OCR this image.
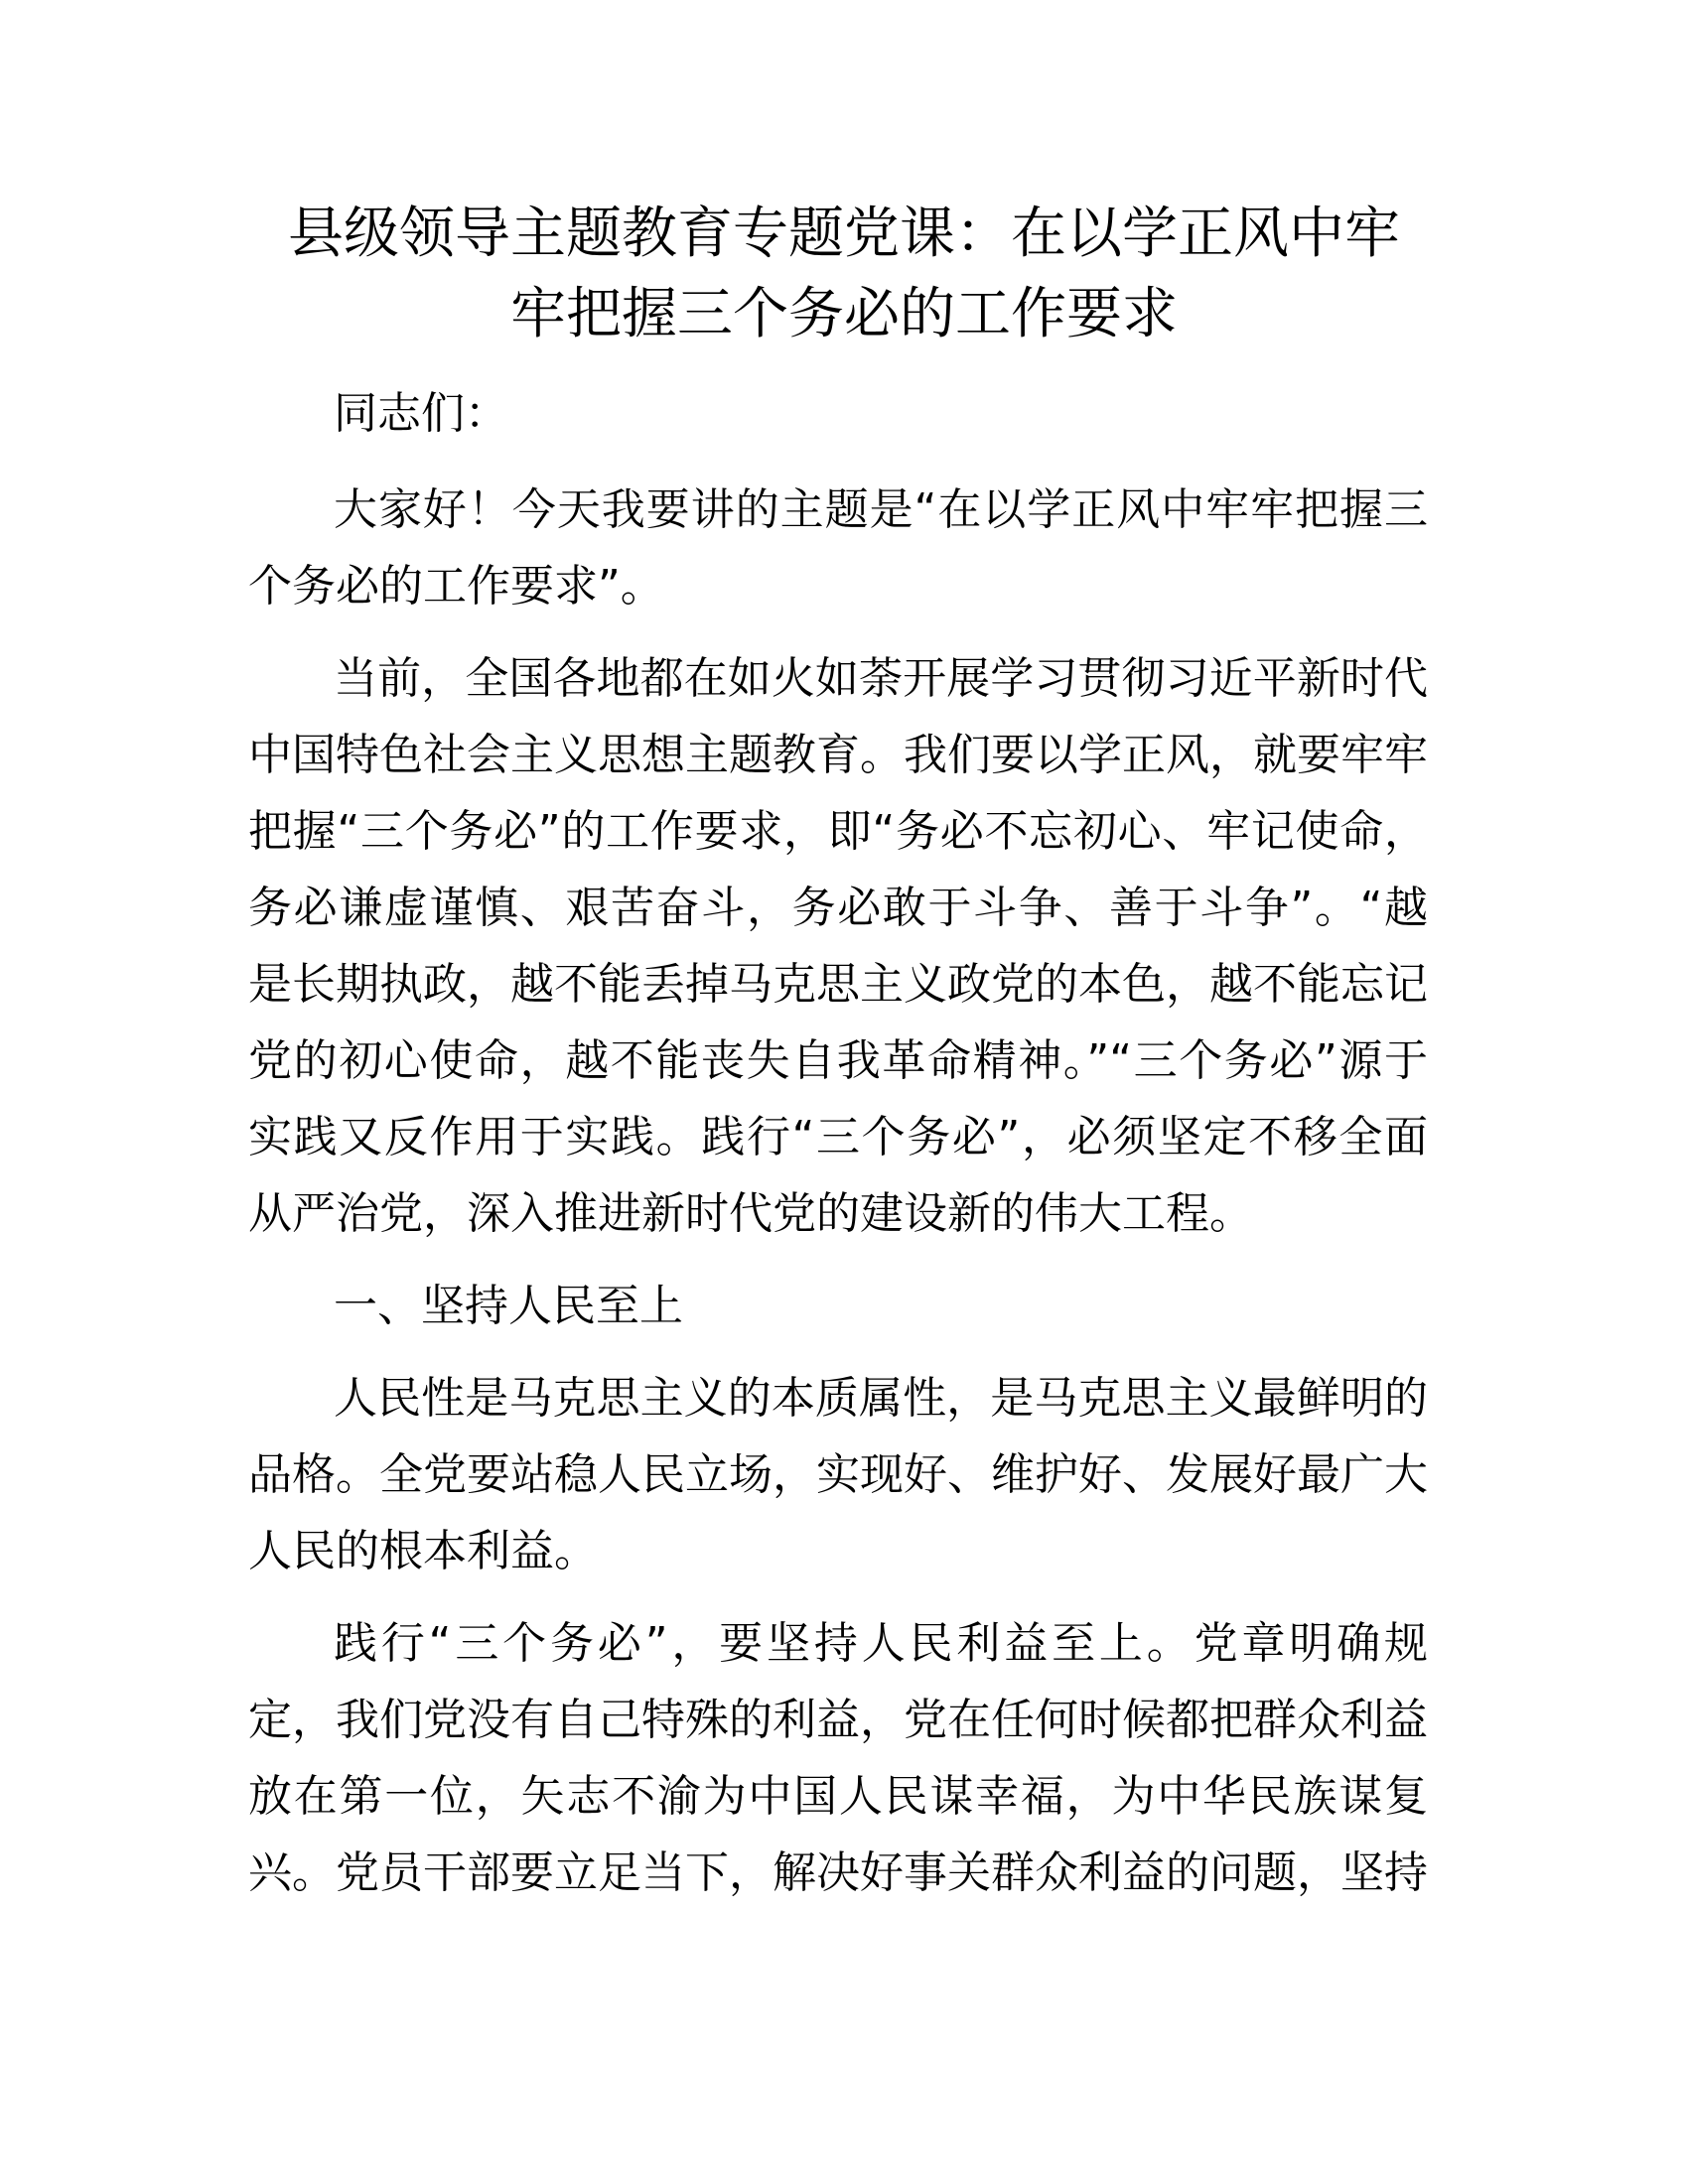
县级领导主题教育专题党课：在以学正风中牢
牢把握三个务必的工作要求
同志们：
大家好！今天我要讲的主题是“在以学正风中牢牢把握三
个务必的工作要求”。
当前，全国各地都在如火如荼开展学习贯彻习近平新时代
中国特色社会主义思想主题教育。我们要以学正风，就要牢牢
把握“三个务必”的工作要求，即“务必不忘初心、牢记使命，
务必谦虚谨慎、艰苦奋斗，务必敢于斗争、善于斗争”。“越
是长期执政，越不能丢掉马克思主义政党的本色，越不能忘记
党的初心使命，越不能丧失自我革命精神。”“三个务必”源于
实践又反作用于实践。践行“三个务必”，必须坚定不移全面
从严治党，深入推进新时代党的建设新的伟大工程。
一、坚持人民至上
人民性是马克思主义的本质属性，是马克思主义最鲜明的
品格。全党要站稳人民立场，实现好、维护好、发展好最广大
人民的根本利益。
践行“三个务必”，要坚持人民利益至上。党章明确规
定，我们党没有自己特殊的利益，党在任何时候都把群众利益
放在第一位，矢志不渝为中国人民谋幸福，为中华民族谋复
兴。党员干部要立足当下，解决好事关群众利益的问题，坚持
